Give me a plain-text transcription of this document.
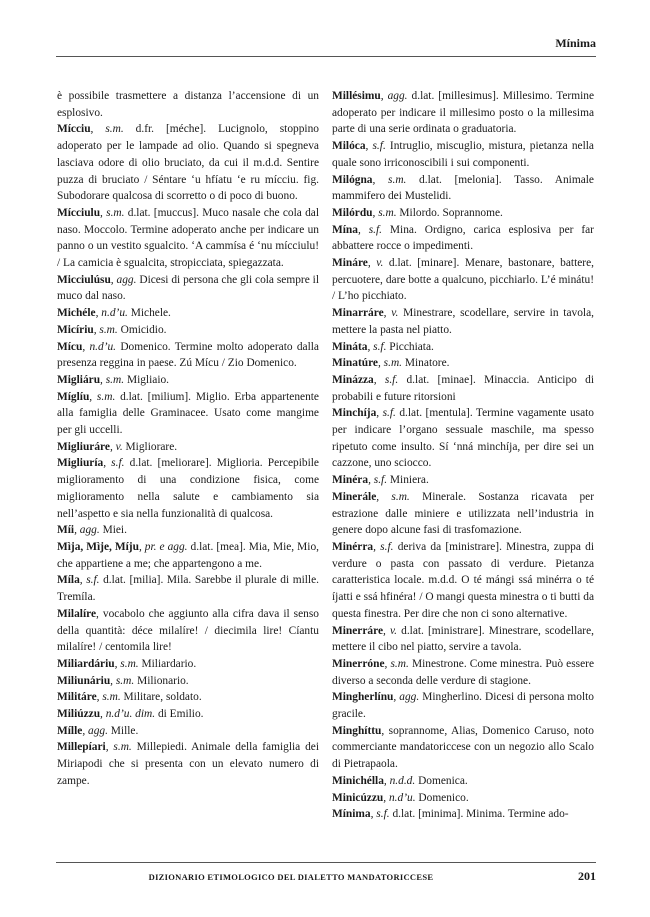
Mínima

è possibile trasmettere a distanza l’accensione di un esplosivo.

Mícciu, s.m. d.fr. [méche]. Lucignolo, stoppino adoperato per le lampade ad olio. Quando si spegneva lasciava odore di olio bruciato, da cui il m.d.d. Sentire puzza di bruciato / Séntare ‘u hfíatu ‘e ru mícciu. fig. Subodorare qualcosa di scorretto o di poco di buono.

Mícciulu, s.m. d.lat. [muccus]. Muco nasale che cola dal naso. Moccolo. Termine adoperato anche per indicare un panno o un vestito sgualcito. ‘A cammísa é ‘nu mícciulu! / La camicia è sgualcita, stropicciata, spiegazzata.

Micciulúsu, agg. Dicesi di persona che gli cola sempre il muco dal naso.

Michéle, n.d’u. Michele.

Micíriu, s.m. Omicidio.

Mícu, n.d’u. Domenico. Termine molto adoperato dalla presenza reggina in paese. Zú Mícu / Zio Domenico.

Migliáru, s.m. Migliaio.

Míglíu, s.m. d.lat. [milium]. Miglio. Erba appartenente alla famiglia delle Graminacee. Usato come mangime per gli uccelli.

Migliuráre, v. Migliorare.

Migliuría, s.f. d.lat. [meliorare]. Miglioria. Percepibile miglioramento di una condizione fisica, come miglioramento nella salute e cambiamento sia nell’aspetto e sia nella funzionalità di qualcosa.

Míi, agg. Miei.

Mìja, Mìje, Míju, pr. e agg. d.lat. [mea]. Mia, Mie, Mio, che appartiene a me; che appartengono a me.

Míla, s.f. d.lat. [milia]. Mila. Sarebbe il plurale di mille. Tremíla.

Milalíre, vocabolo che aggiunto alla cifra dava il senso della quantità: déce milalíre! / diecimila lire! Cíantu milalíre! / centomila lire!

Miliardáriu, s.m. Miliardario.

Miliunáriu, s.m. Milionario.

Militáre, s.m. Militare, soldato.

Miliúzzu, n.d’u. dim. di Emilio.

Mílle, agg. Mille.

Millepíari, s.m. Millepiedi. Animale della famiglia dei Miriapodi che si presenta con un elevato numero di zampe.

Millésimu, agg. d.lat. [millesimus]. Millesimo. Termine adoperato per indicare il millesimo posto o la millesima parte di una serie ordinata o graduatoria.

Milóca, s.f. Intruglio, miscuglio, mistura, pietanza nella quale sono irriconoscibili i sui componenti.

Milógna, s.m. d.lat. [melonia]. Tasso. Animale mammifero dei Mustelidi.

Milórdu, s.m. Milordo. Soprannome.

Mína, s.f. Mina. Ordigno, carica esplosiva per far abbattere rocce o impedimenti.

Mináre, v. d.lat. [minare]. Menare, bastonare, battere, percuotere, dare botte a qualcuno, picchiarlo. L’é minátu! / L’ho picchiato.

Minarráre, v. Minestrare, scodellare, servire in tavola, mettere la pasta nel piatto.

Mináta, s.f. Picchiata.

Minatúre, s.m. Minatore.

Minázza, s.f. d.lat. [minae]. Minaccia. Anticipo di probabili e future ritorsioni

Minchíja, s.f. d.lat. [mentula]. Termine vagamente usato per indicare l’organo sessuale maschile, ma spesso ripetuto come insulto. Sí ‘nná minchíja, per dire sei un cazzone, uno sciocco.

Minéra, s.f. Miniera.

Minerále, s.m. Minerale. Sostanza ricavata per estrazione dalle miniere e utilizzata nell’industria in genere dopo alcune fasi di trasfomazione.

Minérra, s.f. deriva da [ministrare]. Minestra, zuppa di verdure o pasta con passato di verdure. Pietanza caratteristica locale. m.d.d. O té mángi ssá minérra o té íjatti e ssá hfinéra! / O mangi questa minestra o ti butti da questa finestra. Per dire che non ci sono alternative.

Minerráre, v. d.lat. [ministrare]. Minestrare, scodellare, mettere il cibo nel piatto, servire a tavola.

Minerróne, s.m. Minestrone. Come minestra. Può essere diverso a seconda delle verdure di stagione.

Mingherlínu, agg. Mingherlino. Dicesi di persona molto gracile.

Minghíttu, soprannome, Alias, Domenico Caruso, noto commerciante mandatoriccese con un negozio allo Scalo di Pietrapaola.

Minichélla, n.d.d. Domenica.

Minicúzzu, n.d’u. Domenico.

Mínima, s.f. d.lat. [minima]. Minima. Termine ado-

DIZIONARIO ETIMOLOGICO DEL DIALETTO MANDATORICCESE	201
